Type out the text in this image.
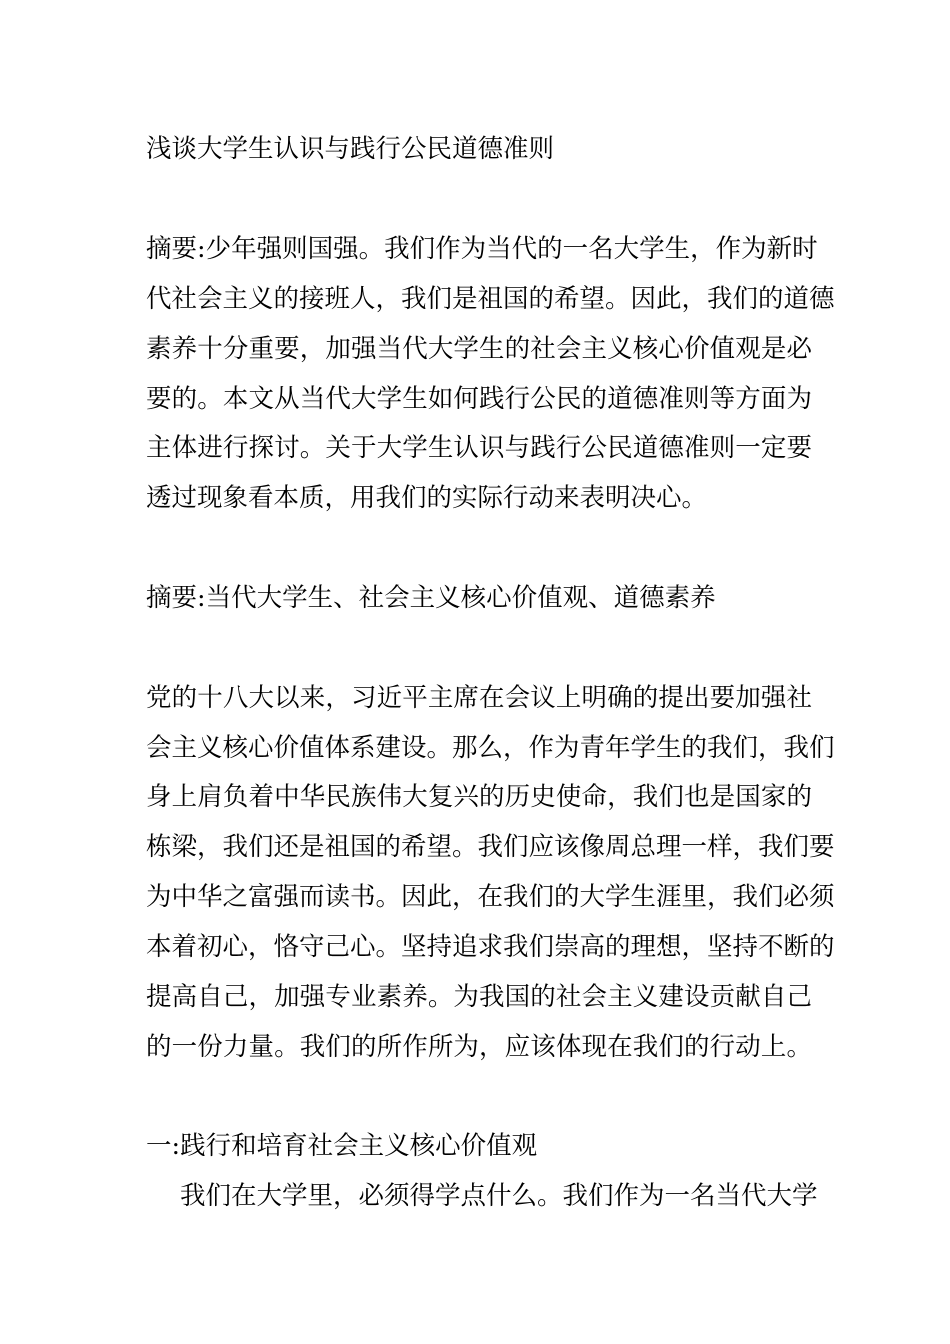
浅谈大学生认识与践行公民道德准则
摘要:少年强则国强。我们作为当代的一名大学生，作为新时
代社会主义的接班人，我们是祖国的希望。因此，我们的道德
素养十分重要，加强当代大学生的社会主义核心价值观是必
要的。本文从当代大学生如何践行公民的道德准则等方面为
主体进行探讨。关于大学生认识与践行公民道德准则一定要
透过现象看本质，用我们的实际行动来表明决心。
摘要:当代大学生、社会主义核心价值观、道德素养
党的十八大以来，习近平主席在会议上明确的提出要加强社
会主义核心价值体系建设。那么，作为青年学生的我们，我们
身上肩负着中华民族伟大复兴的历史使命，我们也是国家的
栋梁，我们还是祖国的希望。我们应该像周总理一样，我们要
为中华之富强而读书。因此，在我们的大学生涯里，我们必须
本着初心，恪守己心。坚持追求我们崇高的理想，坚持不断的
提高自己，加强专业素养。为我国的社会主义建设贡献自己
的一份力量。我们的所作所为，应该体现在我们的行动上。
一:践行和培育社会主义核心价值观
我们在大学里，必须得学点什么。我们作为一名当代大学
